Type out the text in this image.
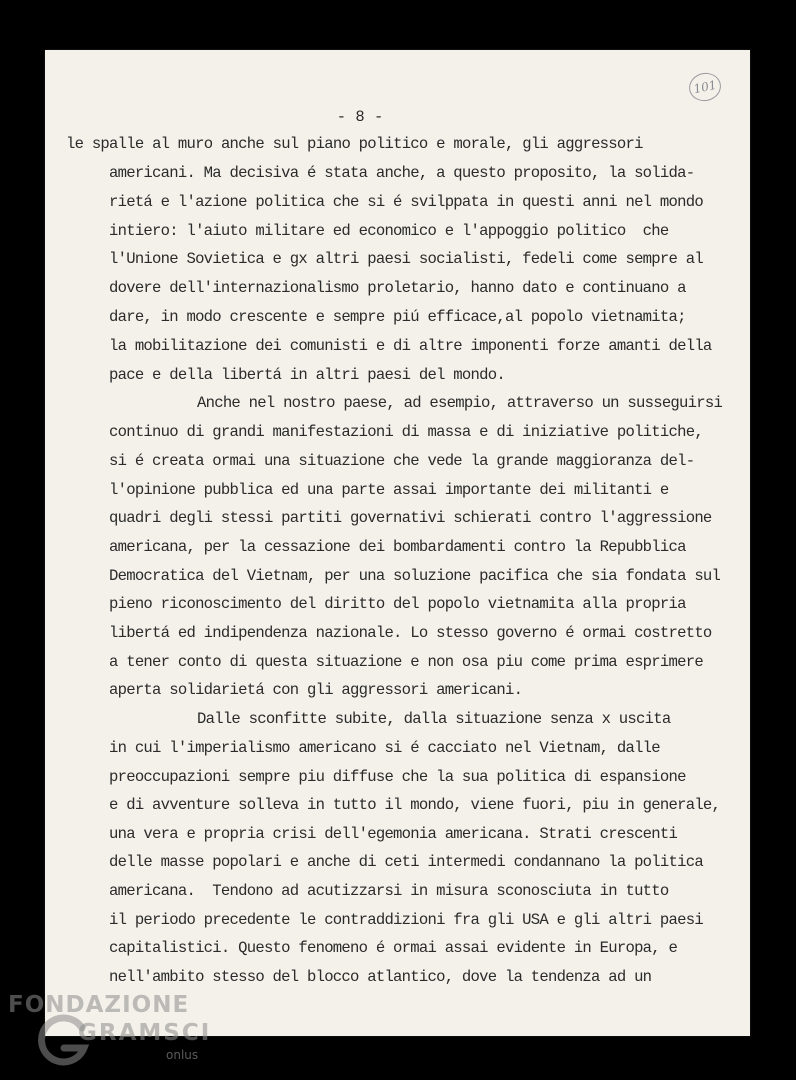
101
- 8 -
le spalle al muro anche sul piano politico e morale, gli aggressori
americani. Ma decisiva é stata anche, a questo proposito, la solida-
rietá e l'azione politica che si é svilppata in questi anni nel mondo
intiero: l'aiuto militare ed economico e l'appoggio politico  che
l'Unione Sovietica e gx altri paesi socialisti, fedeli come sempre al
dovere dell'internazionalismo proletario, hanno dato e continuano a
dare, in modo crescente e sempre piú efficace,al popolo vietnamita;
la mobilitazione dei comunisti e di altre imponenti forze amanti della
pace e della libertá in altri paesi del mondo.
Anche nel nostro paese, ad esempio, attraverso un susseguirsi
continuo di grandi manifestazioni di massa e di iniziative politiche,
si é creata ormai una situazione che vede la grande maggioranza del-
l'opinione pubblica ed una parte assai importante dei militanti e
quadri degli stessi partiti governativi schierati contro l'aggressione
americana, per la cessazione dei bombardamenti contro la Repubblica
Democratica del Vietnam, per una soluzione pacifica che sia fondata sul
pieno riconoscimento del diritto del popolo vietnamita alla propria
libertá ed indipendenza nazionale. Lo stesso governo é ormai costretto
a tener conto di questa situazione e non osa piu come prima esprimere
aperta solidarietá con gli aggressori americani.
Dalle sconfitte subite, dalla situazione senza x uscita
in cui l'imperialismo americano si é cacciato nel Vietnam, dalle
preoccupazioni sempre piu diffuse che la sua politica di espansione
e di avventure solleva in tutto il mondo, viene fuori, piu in generale,
una vera e propria crisi dell'egemonia americana. Strati crescenti
delle masse popolari e anche di ceti intermedi condannano la politica
americana.  Tendono ad acutizzarsi in misura sconosciuta in tutto
il periodo precedente le contraddizioni fra gli USA e gli altri paesi
capitalistici. Questo fenomeno é ormai assai evidente in Europa, e
nell'ambito stesso del blocco atlantico, dove la tendenza ad un
FONDAZIONE
GRAMSCI
onlus
